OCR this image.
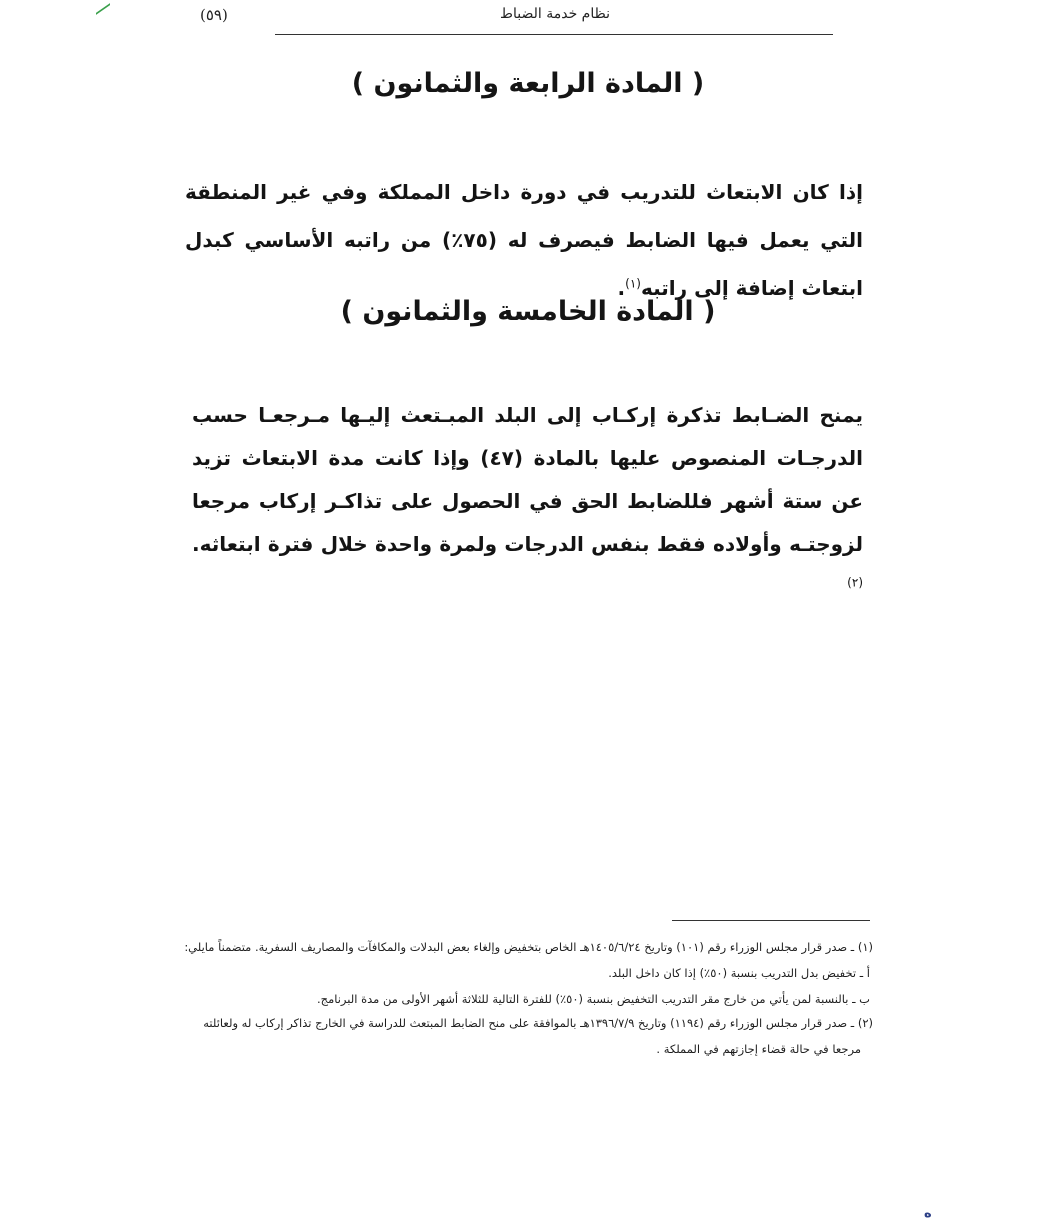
نظام خدمة الضباط
(٥٩)
( المادة الرابعة والثمانون )

إذا كان الابتعاث للتدريب في دورة داخل المملكة وفي غير المنطقة التي يعمل فيها الضابط فيصرف له (٧٥٪) من راتبه الأساسي كبدل ابتعاث إضافة إلى راتبه$^{(١)}$.

( المادة الخامسة والثمانون )

يمنح الضـابط تذكرة إركـاب إلى البلد المبـتعث إليـها مـرجعـا حسب الدرجـات المنصوص عليها بالمادة (٤٧) وإذا كانت مدة الابتعاث تزيد عن ستة أشهر فللضابط الحق في الحصول على تذاكـر إركاب مرجعا لزوجتـه وأولاده فقط بنفس الدرجات ولمرة واحدة خلال فترة ابتعاثه.$^{(٢)}$

(١) ـ صدر قرار مجلس الوزراء رقم (١٠١) وتاريخ ١٤٠٥/٦/٢٤هـ الخاص بتخفيض وإلغاء بعض البدلات والمكافآت والمصاريف السفرية. متضمناً مايلي:
أ ـ تخفيض بدل التدريب بنسبة (٥٠٪) إذا كان داخل البلد.
ب ـ بالنسبة لمن يأتي من خارج مقر التدريب التخفيض بنسبة (٥٠٪) للفترة التالية للثلاثة أشهر الأولى من مدة البرنامج.
(٢) ـ صدر قرار مجلس الوزراء رقم (١١٩٤) وتاريخ ١٣٩٦/٧/٩هـ بالموافقة على منح الضابط المبتعث للدراسة في الخارج تذاكر إركاب له ولعائلته
مرجعا في حالة قضاء إجازتهم في المملكة .
ه
